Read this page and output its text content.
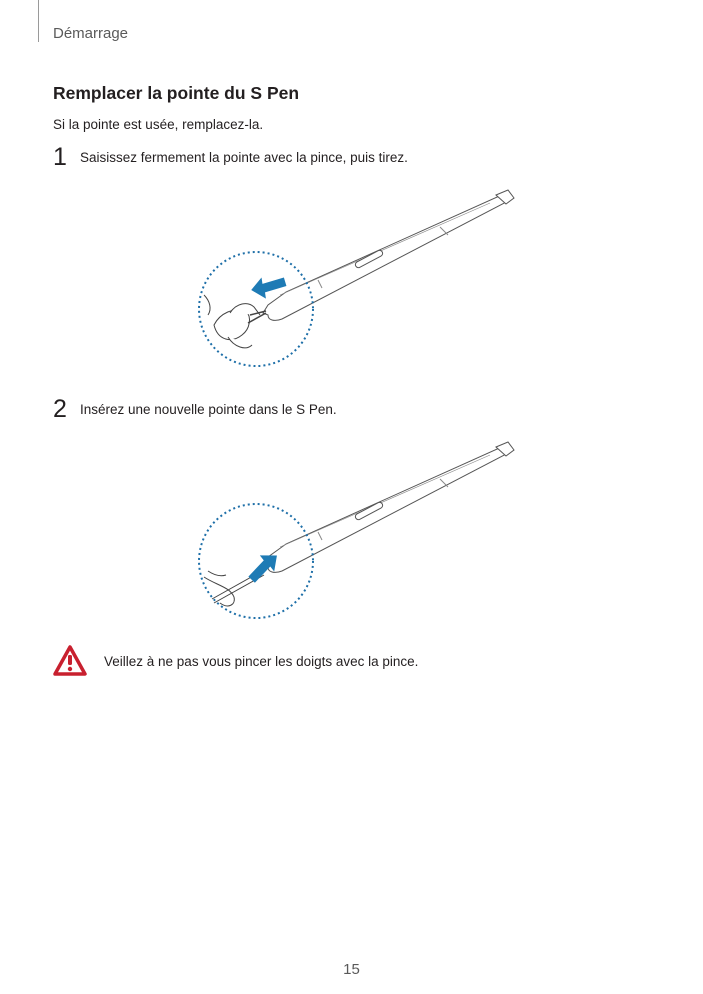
Démarrage
Remplacer la pointe du S Pen
Si la pointe est usée, remplacez-la.
1 Saisissez fermement la pointe avec la pince, puis tirez.
2 Insérez une nouvelle pointe dans le S Pen.
Veillez à ne pas vous pincer les doigts avec la pince.
15
